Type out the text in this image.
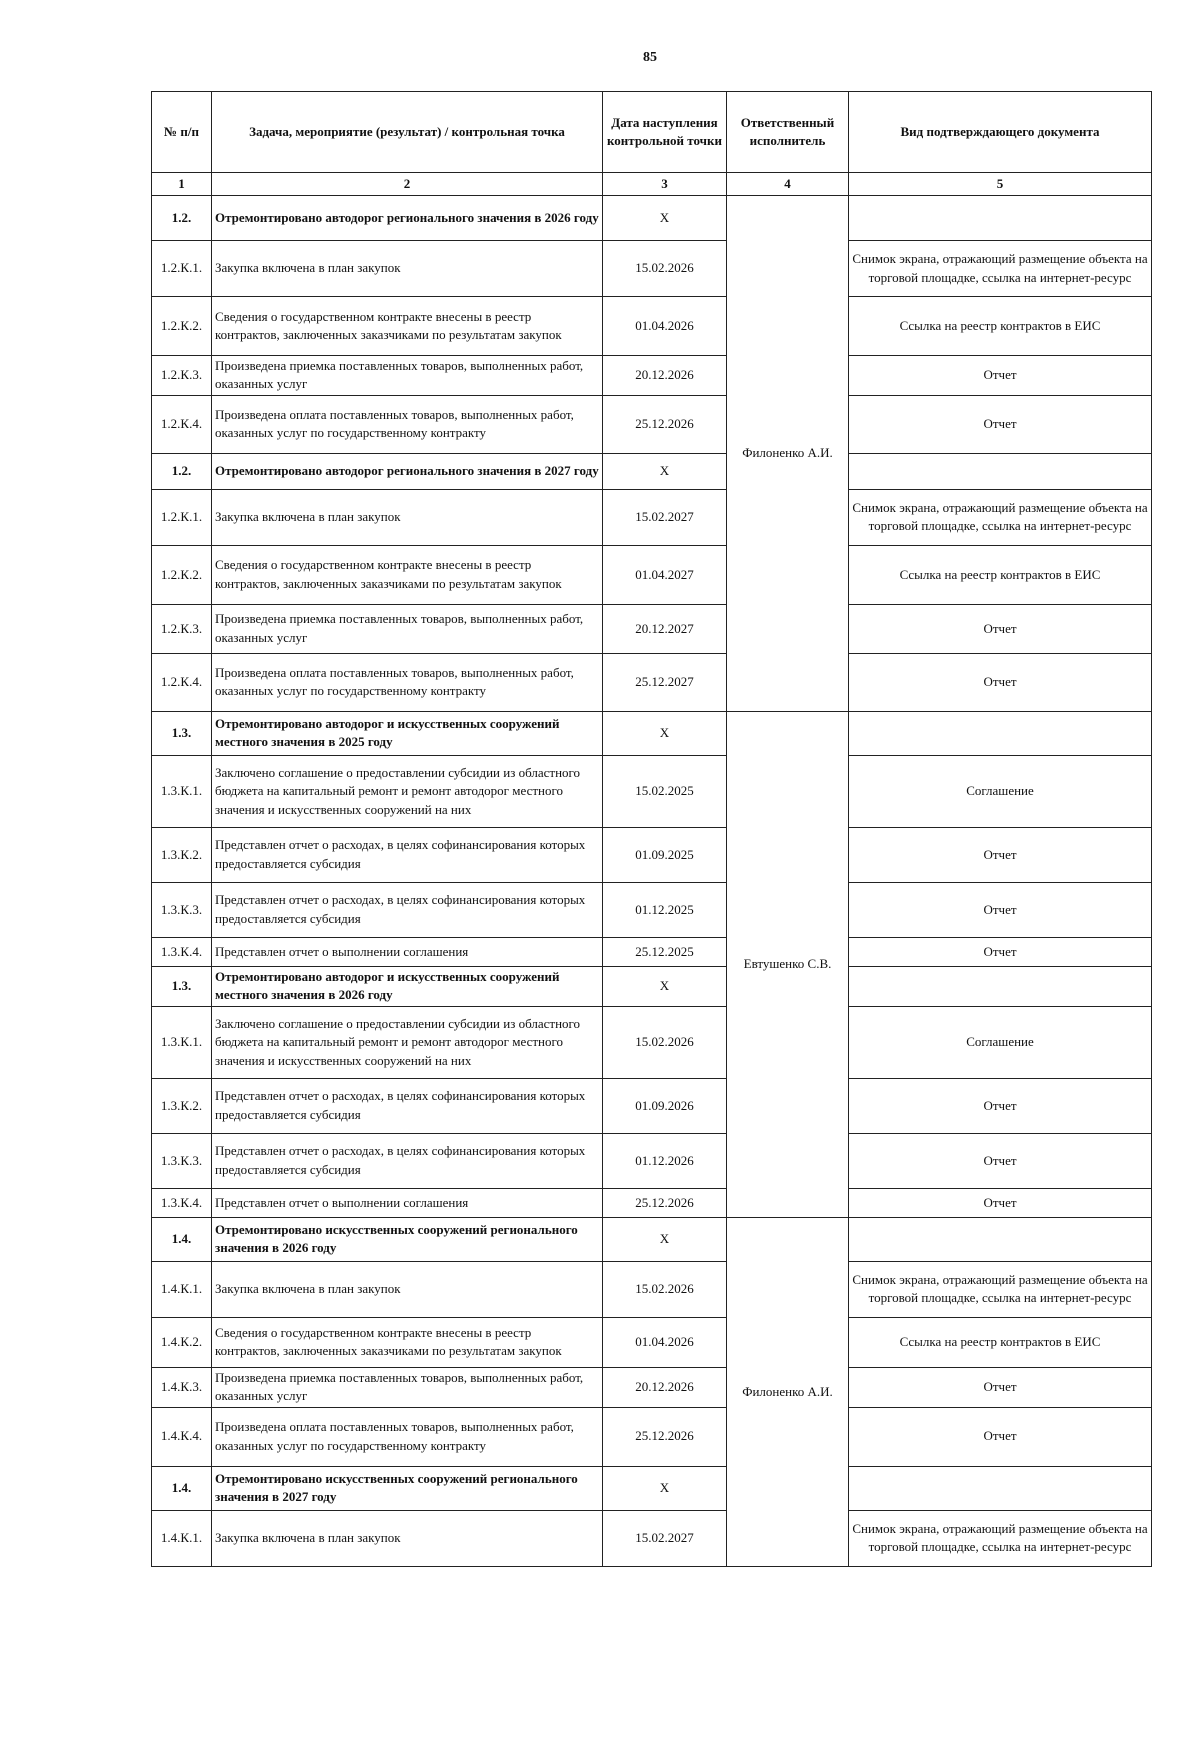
85
№ п/п	Задача, мероприятие (результат) / контрольная точка	Дата наступления контрольной точки	Ответственный исполнитель	Вид подтверждающего документа
1	2	3	4	5
1.2.	Отремонтировано автодорог регионального значения в 2026 году	X	Филоненко А.И.	
1.2.К.1.	Закупка включена в план закупок	15.02.2026		Снимок экрана, отражающий размещение объекта на торговой площадке, ссылка на интернет-ресурс
1.2.К.2.	Сведения о государственном контракте внесены в реестр контрактов, заключенных заказчиками по результатам закупок	01.04.2026		Ссылка на реестр контрактов в ЕИС
1.2.К.3.	Произведена приемка поставленных товаров, выполненных работ, оказанных услуг	20.12.2026		Отчет
1.2.К.4.	Произведена оплата поставленных товаров, выполненных работ, оказанных услуг по государственному контракту	25.12.2026		Отчет
1.2.	Отремонтировано автодорог регионального значения в 2027 году	X		
1.2.К.1.	Закупка включена в план закупок	15.02.2027		Снимок экрана, отражающий размещение объекта на торговой площадке, ссылка на интернет-ресурс
1.2.К.2.	Сведения о государственном контракте внесены в реестр контрактов, заключенных заказчиками по результатам закупок	01.04.2027		Ссылка на реестр контрактов в ЕИС
1.2.К.3.	Произведена приемка поставленных товаров, выполненных работ, оказанных услуг	20.12.2027		Отчет
1.2.К.4.	Произведена оплата поставленных товаров, выполненных работ, оказанных услуг по государственному контракту	25.12.2027		Отчет
1.3.	Отремонтировано автодорог и искусственных сооружений местного значения в 2025 году	X	Евтушенко С.В.	
1.3.К.1.	Заключено соглашение о предоставлении субсидии из областного бюджета на капитальный ремонт и ремонт автодорог местного значения и искусственных сооружений на них	15.02.2025		Соглашение
1.3.К.2.	Представлен отчет о расходах, в целях софинансирования которых предоставляется субсидия	01.09.2025		Отчет
1.3.К.3.	Представлен отчет о расходах, в целях софинансирования которых предоставляется субсидия	01.12.2025		Отчет
1.3.К.4.	Представлен отчет о выполнении соглашения	25.12.2025		Отчет
1.3.	Отремонтировано автодорог и искусственных сооружений местного значения в 2026 году	X		
1.3.К.1.	Заключено соглашение о предоставлении субсидии из областного бюджета на капитальный ремонт и ремонт автодорог местного значения и искусственных сооружений на них	15.02.2026		Соглашение
1.3.К.2.	Представлен отчет о расходах, в целях софинансирования которых предоставляется субсидия	01.09.2026		Отчет
1.3.К.3.	Представлен отчет о расходах, в целях софинансирования которых предоставляется субсидия	01.12.2026		Отчет
1.3.К.4.	Представлен отчет о выполнении соглашения	25.12.2026		Отчет
1.4.	Отремонтировано искусственных сооружений регионального значения в 2026 году	X	Филоненко А.И.	
1.4.К.1.	Закупка включена в план закупок	15.02.2026		Снимок экрана, отражающий размещение объекта на торговой площадке, ссылка на интернет-ресурс
1.4.К.2.	Сведения о государственном контракте внесены в реестр контрактов, заключенных заказчиками по результатам закупок	01.04.2026		Ссылка на реестр контрактов в ЕИС
1.4.К.3.	Произведена приемка поставленных товаров, выполненных работ, оказанных услуг	20.12.2026		Отчет
1.4.К.4.	Произведена оплата поставленных товаров, выполненных работ, оказанных услуг по государственному контракту	25.12.2026		Отчет
1.4.	Отремонтировано искусственных сооружений регионального значения в 2027 году	X		
1.4.К.1.	Закупка включена в план закупок	15.02.2027		Снимок экрана, отражающий размещение объекта на торговой площадке, ссылка на интернет-ресурс
